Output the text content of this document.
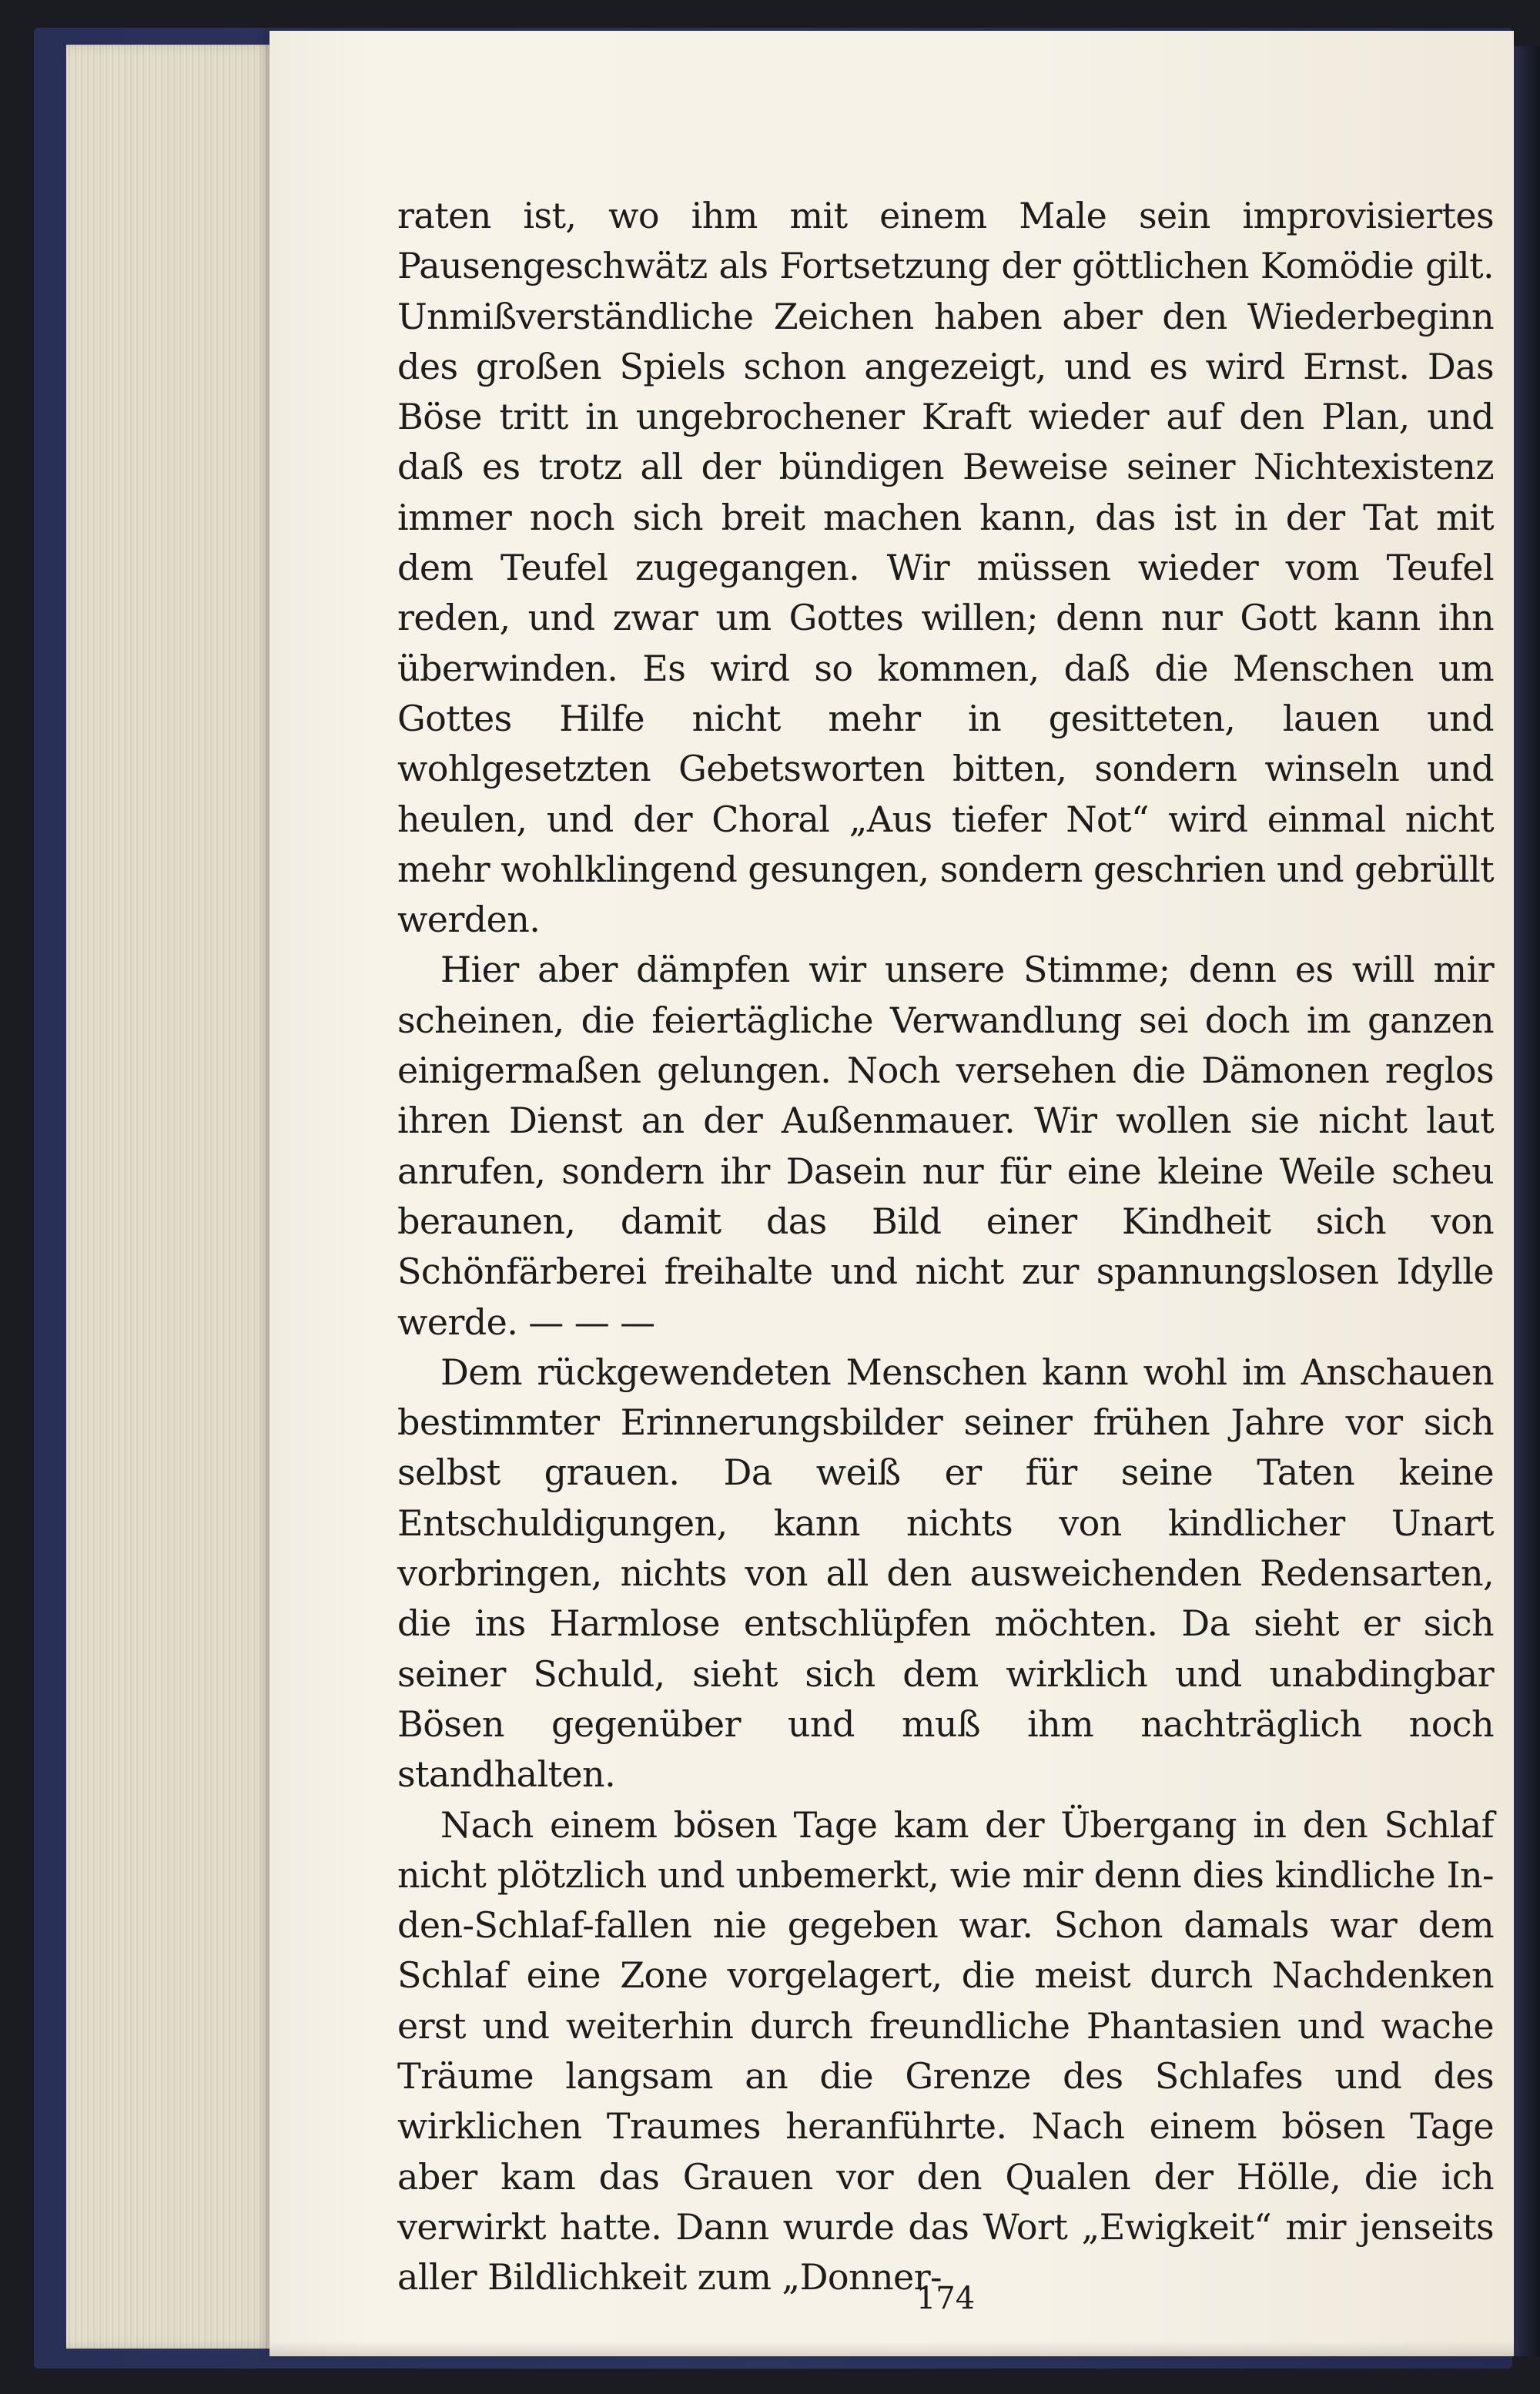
raten ist, wo ihm mit einem Male sein improvisiertes Pausengeschwätz als Fortsetzung der göttlichen Komödie gilt. Unmißverständliche Zeichen haben aber den Wiederbeginn des großen Spiels schon angezeigt, und es wird Ernst. Das Böse tritt in ungebrochener Kraft wieder auf den Plan, und daß es trotz all der bündigen Beweise seiner Nichtexistenz immer noch sich breit machen kann, das ist in der Tat mit dem Teufel zugegangen. Wir müssen wieder vom Teufel reden, und zwar um Gottes willen; denn nur Gott kann ihn überwinden. Es wird so kommen, daß die Menschen um Gottes Hilfe nicht mehr in gesitteten, lauen und wohlgesetzten Gebetsworten bitten, sondern winseln und heulen, und der Choral „Aus tiefer Not“ wird einmal nicht mehr wohlklingend gesungen, sondern geschrien und gebrüllt werden.

Hier aber dämpfen wir unsere Stimme; denn es will mir scheinen, die feiertägliche Verwandlung sei doch im ganzen einigermaßen gelungen. Noch versehen die Dämonen reglos ihren Dienst an der Außenmauer. Wir wollen sie nicht laut anrufen, sondern ihr Dasein nur für eine kleine Weile scheu beraunen, damit das Bild einer Kindheit sich von Schönfärberei freihalte und nicht zur spannungslosen Idylle werde. — — —

Dem rückgewendeten Menschen kann wohl im Anschauen bestimmter Erinnerungsbilder seiner frühen Jahre vor sich selbst grauen. Da weiß er für seine Taten keine Entschuldigungen, kann nichts von kindlicher Unart vorbringen, nichts von all den ausweichenden Redensarten, die ins Harmlose entschlüpfen möchten. Da sieht er sich seiner Schuld, sieht sich dem wirklich und unabdingbar Bösen gegenüber und muß ihm nachträglich noch standhalten.

Nach einem bösen Tage kam der Übergang in den Schlaf nicht plötzlich und unbemerkt, wie mir denn dies kindliche In-den-Schlaf-fallen nie gegeben war. Schon damals war dem Schlaf eine Zone vorgelagert, die meist durch Nachdenken erst und weiterhin durch freundliche Phantasien und wache Träume langsam an die Grenze des Schlafes und des wirklichen Traumes heranführte. Nach einem bösen Tage aber kam das Grauen vor den Qualen der Hölle, die ich verwirkt hatte. Dann wurde das Wort „Ewigkeit“ mir jenseits aller Bildlichkeit zum „Donner-

174
